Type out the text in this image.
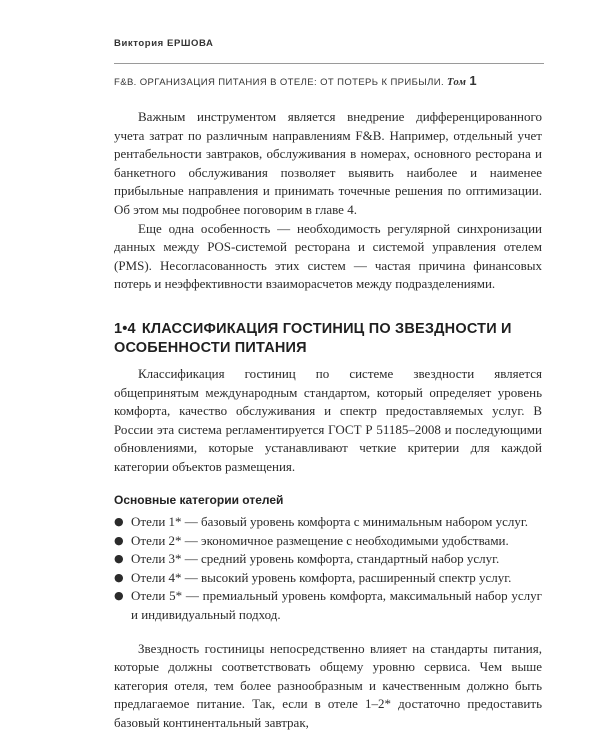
Виктория ЕРШОВА
F&B. ОРГАНИЗАЦИЯ ПИТАНИЯ В ОТЕЛЕ: ОТ ПОТЕРЬ К ПРИБЫЛИ. Том 1

Важным инструментом является внедрение дифференцированного учета затрат по различным направлениям F&B. Например, отдельный учет рентабельности завтраков, обслуживания в номерах, основного ресторана и банкетного обслуживания позволяет выявить наиболее и наименее прибыльные направления и принимать точечные решения по оптимизации. Об этом мы подробнее поговорим в главе 4.

Еще одна особенность — необходимость регулярной синхронизации данных между POS-системой ресторана и системой управления отелем (PMS). Несогласованность этих систем — частая причина финансовых потерь и неэффективности взаиморасчетов между подразделениями.

1•4 КЛАССИФИКАЦИЯ ГОСТИНИЦ ПО ЗВЕЗДНОСТИ И ОСОБЕННОСТИ ПИТАНИЯ

Классификация гостиниц по системе звездности является общепринятым международным стандартом, который определяет уровень комфорта, качество обслуживания и спектр предоставляемых услуг. В России эта система регламентируется ГОСТ Р 51185–2008 и последующими обновлениями, которые устанавливают четкие критерии для каждой категории объектов размещения.

Основные категории отелей
● Отели 1* — базовый уровень комфорта с минимальным набором услуг.
● Отели 2* — экономичное размещение с необходимыми удобствами.
● Отели 3* — средний уровень комфорта, стандартный набор услуг.
● Отели 4* — высокий уровень комфорта, расширенный спектр услуг.
● Отели 5* — премиальный уровень комфорта, максимальный набор услуг и индивидуальный подход.

Звездность гостиницы непосредственно влияет на стандарты питания, которые должны соответствовать общему уровню сервиса. Чем выше категория отеля, тем более разнообразным и качественным должно быть предлагаемое питание. Так, если в отеле 1–2* достаточно предоставить базовый континентальный завтрак,
